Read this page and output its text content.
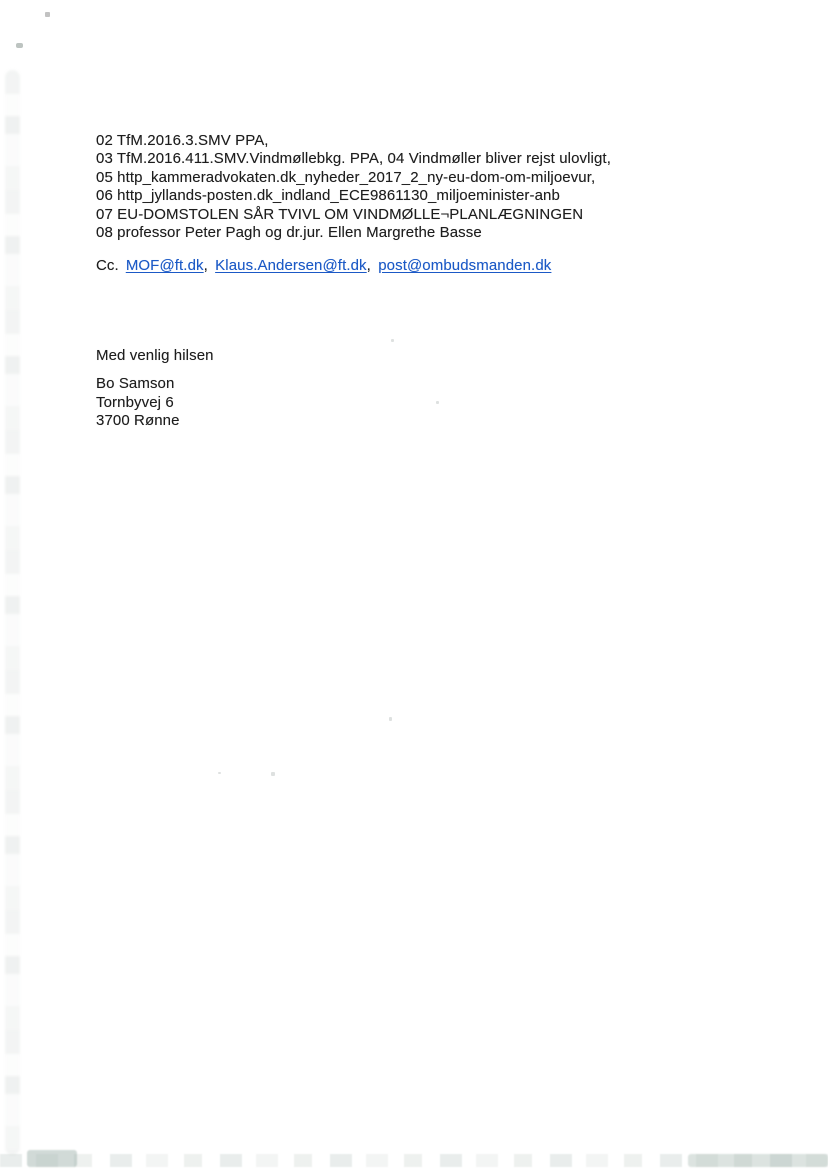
02 TfM.2016.3.SMV PPA,
03 TfM.2016.411.SMV.Vindmøllebkg. PPA, 04 Vindmøller bliver rejst ulovligt,
05 http_kammeradvokaten.dk_nyheder_2017_2_ny-eu-dom-om-miljoevur,
06 http_jyllands-posten.dk_indland_ECE9861130_miljoeminister-anb
07 EU-DOMSTOLEN SÅR TVIVL OM VINDMØLLE¬PLANLÆGNINGEN
08 professor Peter Pagh og dr.jur. Ellen Margrethe Basse
Cc. MOF@ft.dk, Klaus.Andersen@ft.dk, post@ombudsmanden.dk
Med venlig hilsen
Bo Samson
Tornbyvej 6
3700 Rønne
